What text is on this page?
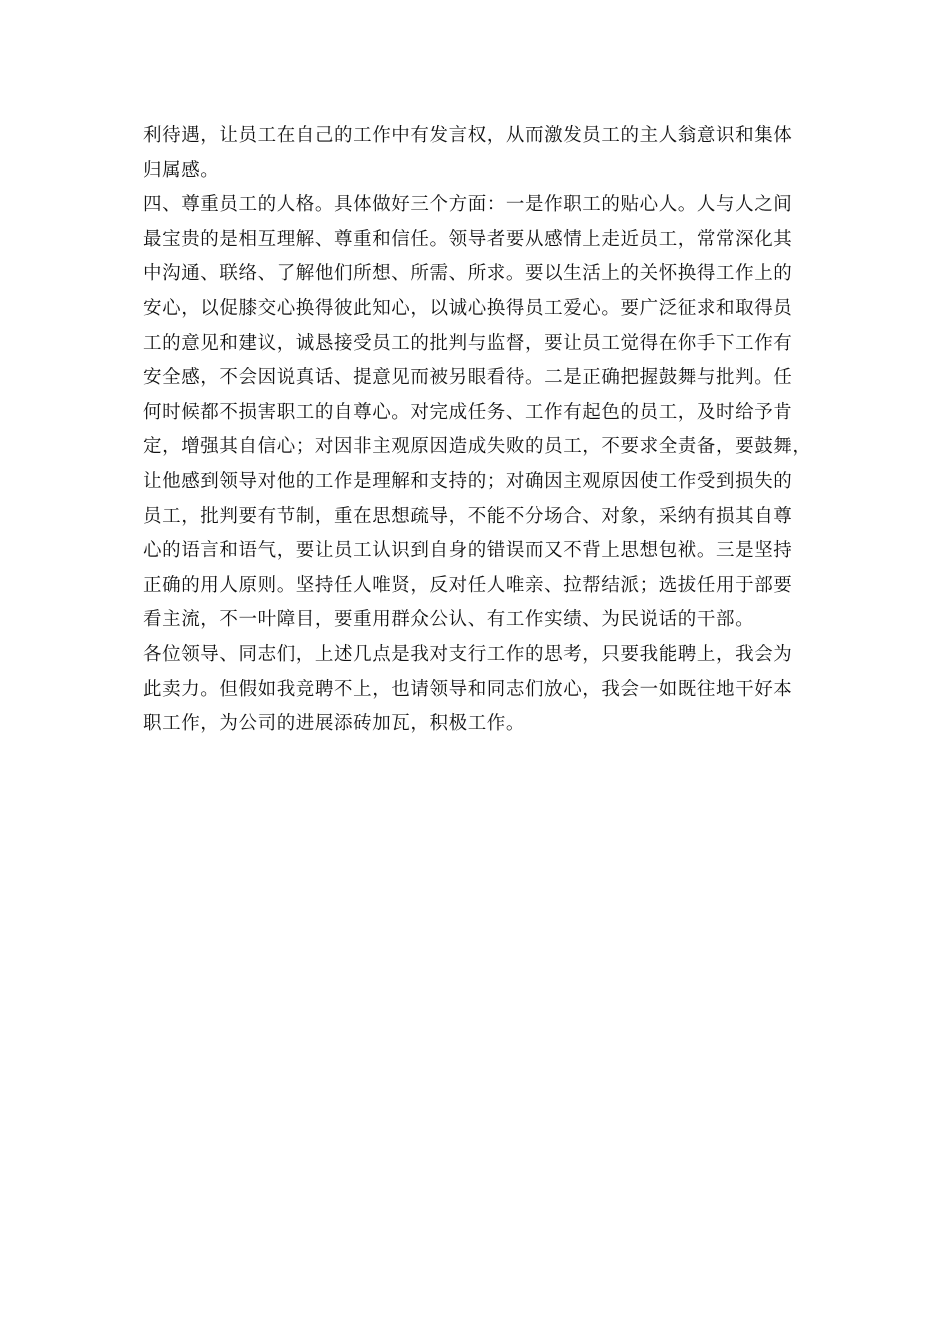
利待遇，让员工在自己的工作中有发言权，从而激发员工的主人翁意识和集体
归属感。
四、尊重员工的人格。具体做好三个方面：一是作职工的贴心人。人与人之间
最宝贵的是相互理解、尊重和信任。领导者要从感情上走近员工，常常深化其
中沟通、联络、了解他们所想、所需、所求。要以生活上的关怀换得工作上的
安心，以促膝交心换得彼此知心，以诚心换得员工爱心。要广泛征求和取得员
工的意见和建议，诚恳接受员工的批判与监督，要让员工觉得在你手下工作有
安全感，不会因说真话、提意见而被另眼看待。二是正确把握鼓舞与批判。任
何时候都不损害职工的自尊心。对完成任务、工作有起色的员工，及时给予肯
定，增强其自信心；对因非主观原因造成失败的员工，不要求全责备，要鼓舞，
让他感到领导对他的工作是理解和支持的；对确因主观原因使工作受到损失的
员工，批判要有节制，重在思想疏导，不能不分场合、对象，采纳有损其自尊
心的语言和语气，要让员工认识到自身的错误而又不背上思想包袱。三是坚持
正确的用人原则。坚持任人唯贤，反对任人唯亲、拉帮结派；选拔任用于部要
看主流，不一叶障目，要重用群众公认、有工作实绩、为民说话的干部。
各位领导、同志们，上述几点是我对支行工作的思考，只要我能聘上，我会为
此卖力。但假如我竞聘不上，也请领导和同志们放心，我会一如既往地干好本
职工作，为公司的进展添砖加瓦，积极工作。
